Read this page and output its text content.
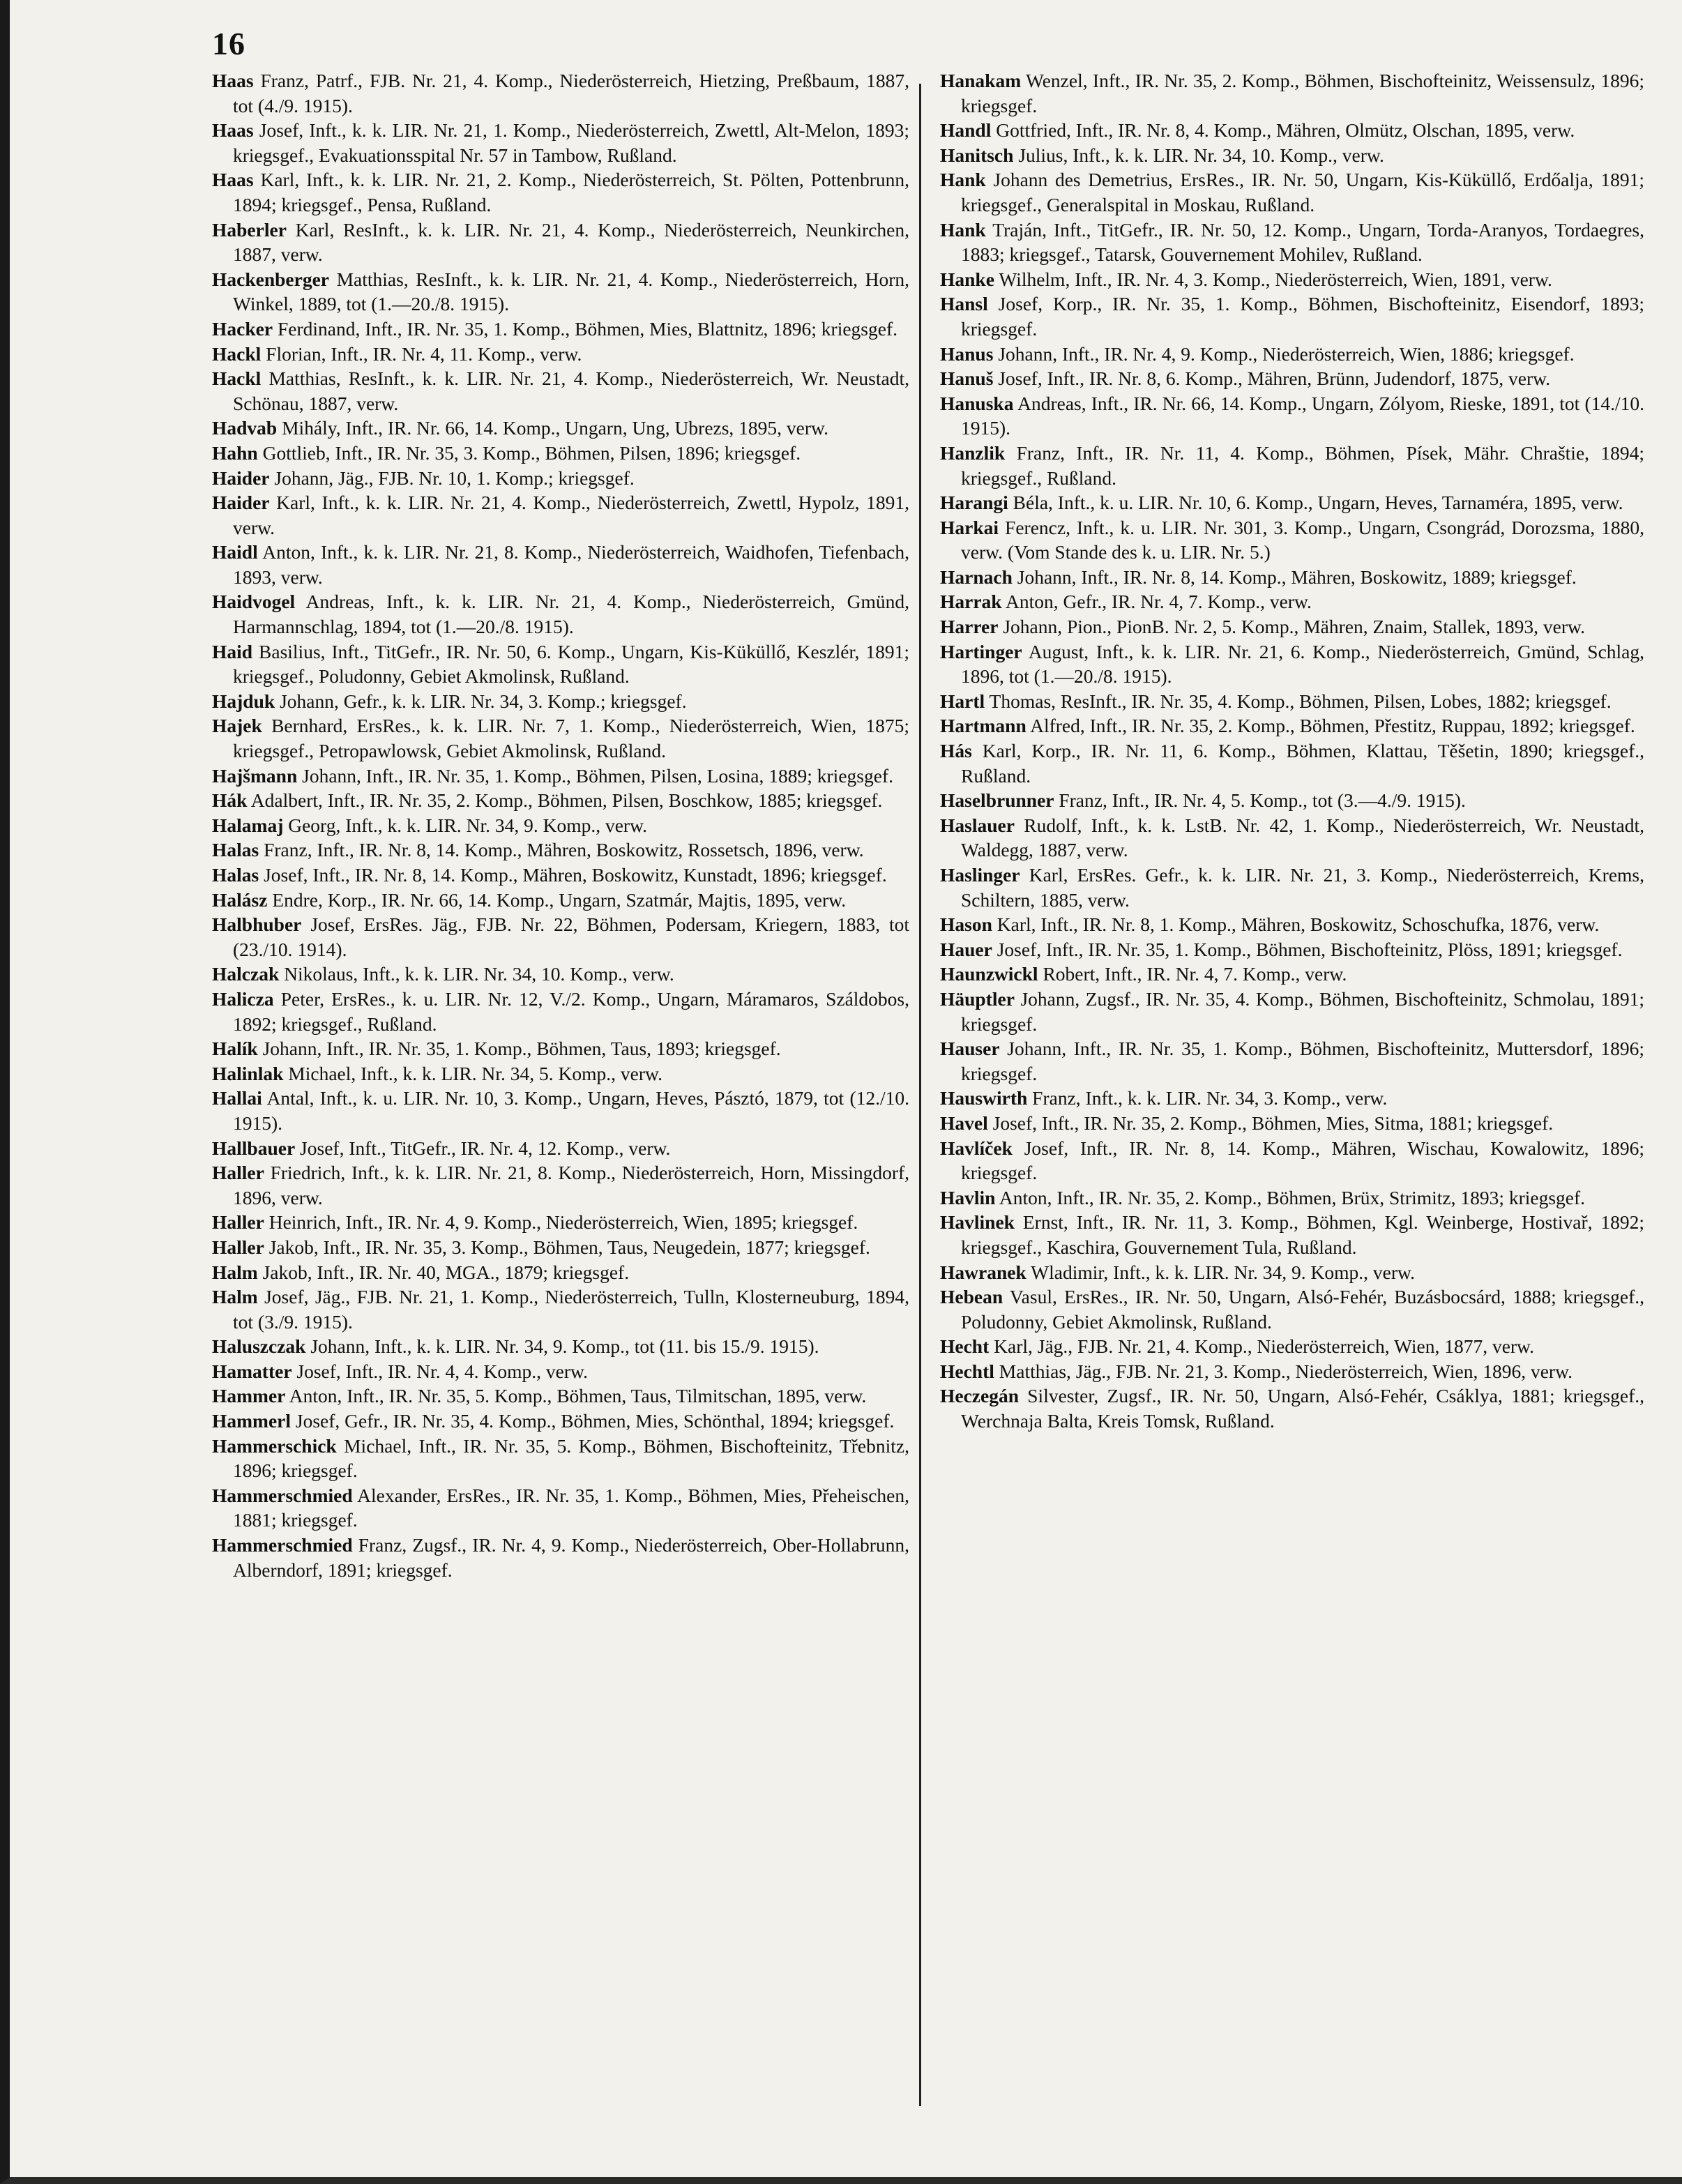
16

Haas Franz, Patrf., FJB. Nr. 21, 4. Komp., Niederösterreich, Hietzing, Preßbaum, 1887, tot (4./9. 1915).

Haas Josef, Inft., k. k. LIR. Nr. 21, 1. Komp., Niederösterreich, Zwettl, Alt-Melon, 1893; kriegsgef., Evakuationsspital Nr. 57 in Tambow, Rußland.

Haas Karl, Inft., k. k. LIR. Nr. 21, 2. Komp., Niederösterreich, St. Pölten, Pottenbrunn, 1894; kriegsgef., Pensa, Rußland.

Haberler Karl, ResInft., k. k. LIR. Nr. 21, 4. Komp., Niederösterreich, Neunkirchen, 1887, verw.

Hackenberger Matthias, ResInft., k. k. LIR. Nr. 21, 4. Komp., Niederösterreich, Horn, Winkel, 1889, tot (1.—20./8. 1915).

Hacker Ferdinand, Inft., IR. Nr. 35, 1. Komp., Böhmen, Mies, Blattnitz, 1896; kriegsgef.

Hackl Florian, Inft., IR. Nr. 4, 11. Komp., verw.

Hackl Matthias, ResInft., k. k. LIR. Nr. 21, 4. Komp., Niederösterreich, Wr. Neustadt, Schönau, 1887, verw.

Hadvab Mihály, Inft., IR. Nr. 66, 14. Komp., Ungarn, Ung, Ubrezs, 1895, verw.

Hahn Gottlieb, Inft., IR. Nr. 35, 3. Komp., Böhmen, Pilsen, 1896; kriegsgef.

Haider Johann, Jäg., FJB. Nr. 10, 1. Komp.; kriegsgef.

Haider Karl, Inft., k. k. LIR. Nr. 21, 4. Komp., Niederösterreich, Zwettl, Hypolz, 1891, verw.

Haidl Anton, Inft., k. k. LIR. Nr. 21, 8. Komp., Niederösterreich, Waidhofen, Tiefenbach, 1893, verw.

Haidvogel Andreas, Inft., k. k. LIR. Nr. 21, 4. Komp., Niederösterreich, Gmünd, Harmannschlag, 1894, tot (1.—20./8. 1915).

Haid Basilius, Inft., TitGefr., IR. Nr. 50, 6. Komp., Ungarn, Kis-Küküllő, Keszlér, 1891; kriegsgef., Poludonny, Gebiet Akmolinsk, Rußland.

Hajduk Johann, Gefr., k. k. LIR. Nr. 34, 3. Komp.; kriegsgef.

Hajek Bernhard, ErsRes., k. k. LIR. Nr. 7, 1. Komp., Niederösterreich, Wien, 1875; kriegsgef., Petropawlowsk, Gebiet Akmolinsk, Rußland.

Hajšmann Johann, Inft., IR. Nr. 35, 1. Komp., Böhmen, Pilsen, Losina, 1889; kriegsgef.

Hák Adalbert, Inft., IR. Nr. 35, 2. Komp., Böhmen, Pilsen, Boschkow, 1885; kriegsgef.

Halamaj Georg, Inft., k. k. LIR. Nr. 34, 9. Komp., verw.

Halas Franz, Inft., IR. Nr. 8, 14. Komp., Mähren, Boskowitz, Rossetsch, 1896, verw.

Halas Josef, Inft., IR. Nr. 8, 14. Komp., Mähren, Boskowitz, Kunstadt, 1896; kriegsgef.

Halász Endre, Korp., IR. Nr. 66, 14. Komp., Ungarn, Szatmár, Majtis, 1895, verw.

Halbhuber Josef, ErsRes. Jäg., FJB. Nr. 22, Böhmen, Podersam, Kriegern, 1883, tot (23./10. 1914).

Halczak Nikolaus, Inft., k. k. LIR. Nr. 34, 10. Komp., verw.

Halicza Peter, ErsRes., k. u. LIR. Nr. 12, V./2. Komp., Ungarn, Máramaros, Száldobos, 1892; kriegsgef., Rußland.

Halík Johann, Inft., IR. Nr. 35, 1. Komp., Böhmen, Taus, 1893; kriegsgef.

Halinlak Michael, Inft., k. k. LIR. Nr. 34, 5. Komp., verw.

Hallai Antal, Inft., k. u. LIR. Nr. 10, 3. Komp., Ungarn, Heves, Pásztó, 1879, tot (12./10. 1915).

Hallbauer Josef, Inft., TitGefr., IR. Nr. 4, 12. Komp., verw.

Haller Friedrich, Inft., k. k. LIR. Nr. 21, 8. Komp., Niederösterreich, Horn, Missingdorf, 1896, verw.

Haller Heinrich, Inft., IR. Nr. 4, 9. Komp., Niederösterreich, Wien, 1895; kriegsgef.

Haller Jakob, Inft., IR. Nr. 35, 3. Komp., Böhmen, Taus, Neugedein, 1877; kriegsgef.

Halm Jakob, Inft., IR. Nr. 40, MGA., 1879; kriegsgef.

Halm Josef, Jäg., FJB. Nr. 21, 1. Komp., Niederösterreich, Tulln, Klosterneuburg, 1894, tot (3./9. 1915).

Haluszczak Johann, Inft., k. k. LIR. Nr. 34, 9. Komp., tot (11. bis 15./9. 1915).

Hamatter Josef, Inft., IR. Nr. 4, 4. Komp., verw.

Hammer Anton, Inft., IR. Nr. 35, 5. Komp., Böhmen, Taus, Tilmitschan, 1895, verw.

Hammerl Josef, Gefr., IR. Nr. 35, 4. Komp., Böhmen, Mies, Schönthal, 1894; kriegsgef.

Hammerschick Michael, Inft., IR. Nr. 35, 5. Komp., Böhmen, Bischofteinitz, Třebnitz, 1896; kriegsgef.

Hammerschmied Alexander, ErsRes., IR. Nr. 35, 1. Komp., Böhmen, Mies, Přeheischen, 1881; kriegsgef.

Hammerschmied Franz, Zugsf., IR. Nr. 4, 9. Komp., Niederösterreich, Ober-Hollabrunn, Alberndorf, 1891; kriegsgef.

Hanakam Wenzel, Inft., IR. Nr. 35, 2. Komp., Böhmen, Bischofteinitz, Weissensulz, 1896; kriegsgef.

Handl Gottfried, Inft., IR. Nr. 8, 4. Komp., Mähren, Olmütz, Olschan, 1895, verw.

Hanitsch Julius, Inft., k. k. LIR. Nr. 34, 10. Komp., verw.

Hank Johann des Demetrius, ErsRes., IR. Nr. 50, Ungarn, Kis-Küküllő, Erdőalja, 1891; kriegsgef., Generalspital in Moskau, Rußland.

Hank Traján, Inft., TitGefr., IR. Nr. 50, 12. Komp., Ungarn, Torda-Aranyos, Tordaegres, 1883; kriegsgef., Tatarsk, Gouvernement Mohilev, Rußland.

Hanke Wilhelm, Inft., IR. Nr. 4, 3. Komp., Niederösterreich, Wien, 1891, verw.

Hansl Josef, Korp., IR. Nr. 35, 1. Komp., Böhmen, Bischofteinitz, Eisendorf, 1893; kriegsgef.

Hanus Johann, Inft., IR. Nr. 4, 9. Komp., Niederösterreich, Wien, 1886; kriegsgef.

Hanuš Josef, Inft., IR. Nr. 8, 6. Komp., Mähren, Brünn, Judendorf, 1875, verw.

Hanuska Andreas, Inft., IR. Nr. 66, 14. Komp., Ungarn, Zólyom, Rieske, 1891, tot (14./10. 1915).

Hanzlik Franz, Inft., IR. Nr. 11, 4. Komp., Böhmen, Písek, Mähr. Chraštie, 1894; kriegsgef., Rußland.

Harangi Béla, Inft., k. u. LIR. Nr. 10, 6. Komp., Ungarn, Heves, Tarnaméra, 1895, verw.

Harkai Ferencz, Inft., k. u. LIR. Nr. 301, 3. Komp., Ungarn, Csongrád, Dorozsma, 1880, verw. (Vom Stande des k. u. LIR. Nr. 5.)

Harnach Johann, Inft., IR. Nr. 8, 14. Komp., Mähren, Boskowitz, 1889; kriegsgef.

Harrak Anton, Gefr., IR. Nr. 4, 7. Komp., verw.

Harrer Johann, Pion., PionB. Nr. 2, 5. Komp., Mähren, Znaim, Stallek, 1893, verw.

Hartinger August, Inft., k. k. LIR. Nr. 21, 6. Komp., Niederösterreich, Gmünd, Schlag, 1896, tot (1.—20./8. 1915).

Hartl Thomas, ResInft., IR. Nr. 35, 4. Komp., Böhmen, Pilsen, Lobes, 1882; kriegsgef.

Hartmann Alfred, Inft., IR. Nr. 35, 2. Komp., Böhmen, Přestitz, Ruppau, 1892; kriegsgef.

Hás Karl, Korp., IR. Nr. 11, 6. Komp., Böhmen, Klattau, Těšetin, 1890; kriegsgef., Rußland.

Haselbrunner Franz, Inft., IR. Nr. 4, 5. Komp., tot (3.—4./9. 1915).

Haslauer Rudolf, Inft., k. k. LstB. Nr. 42, 1. Komp., Niederösterreich, Wr. Neustadt, Waldegg, 1887, verw.

Haslinger Karl, ErsRes. Gefr., k. k. LIR. Nr. 21, 3. Komp., Niederösterreich, Krems, Schiltern, 1885, verw.

Hason Karl, Inft., IR. Nr. 8, 1. Komp., Mähren, Boskowitz, Schoschufka, 1876, verw.

Hauer Josef, Inft., IR. Nr. 35, 1. Komp., Böhmen, Bischofteinitz, Plöss, 1891; kriegsgef.

Haunzwickl Robert, Inft., IR. Nr. 4, 7. Komp., verw.

Häuptler Johann, Zugsf., IR. Nr. 35, 4. Komp., Böhmen, Bischofteinitz, Schmolau, 1891; kriegsgef.

Hauser Johann, Inft., IR. Nr. 35, 1. Komp., Böhmen, Bischofteinitz, Muttersdorf, 1896; kriegsgef.

Hauswirth Franz, Inft., k. k. LIR. Nr. 34, 3. Komp., verw.

Havel Josef, Inft., IR. Nr. 35, 2. Komp., Böhmen, Mies, Sitma, 1881; kriegsgef.

Havlíček Josef, Inft., IR. Nr. 8, 14. Komp., Mähren, Wischau, Kowalowitz, 1896; kriegsgef.

Havlin Anton, Inft., IR. Nr. 35, 2. Komp., Böhmen, Brüx, Strimitz, 1893; kriegsgef.

Havlinek Ernst, Inft., IR. Nr. 11, 3. Komp., Böhmen, Kgl. Weinberge, Hostivař, 1892; kriegsgef., Kaschira, Gouvernement Tula, Rußland.

Hawranek Wladimir, Inft., k. k. LIR. Nr. 34, 9. Komp., verw.

Hebean Vasul, ErsRes., IR. Nr. 50, Ungarn, Alsó-Fehér, Buzásbocsárd, 1888; kriegsgef., Poludonny, Gebiet Akmolinsk, Rußland.

Hecht Karl, Jäg., FJB. Nr. 21, 4. Komp., Niederösterreich, Wien, 1877, verw.

Hechtl Matthias, Jäg., FJB. Nr. 21, 3. Komp., Niederösterreich, Wien, 1896, verw.

Heczegán Silvester, Zugsf., IR. Nr. 50, Ungarn, Alsó-Fehér, Csáklya, 1881; kriegsgef., Werchnaja Balta, Kreis Tomsk, Rußland.
